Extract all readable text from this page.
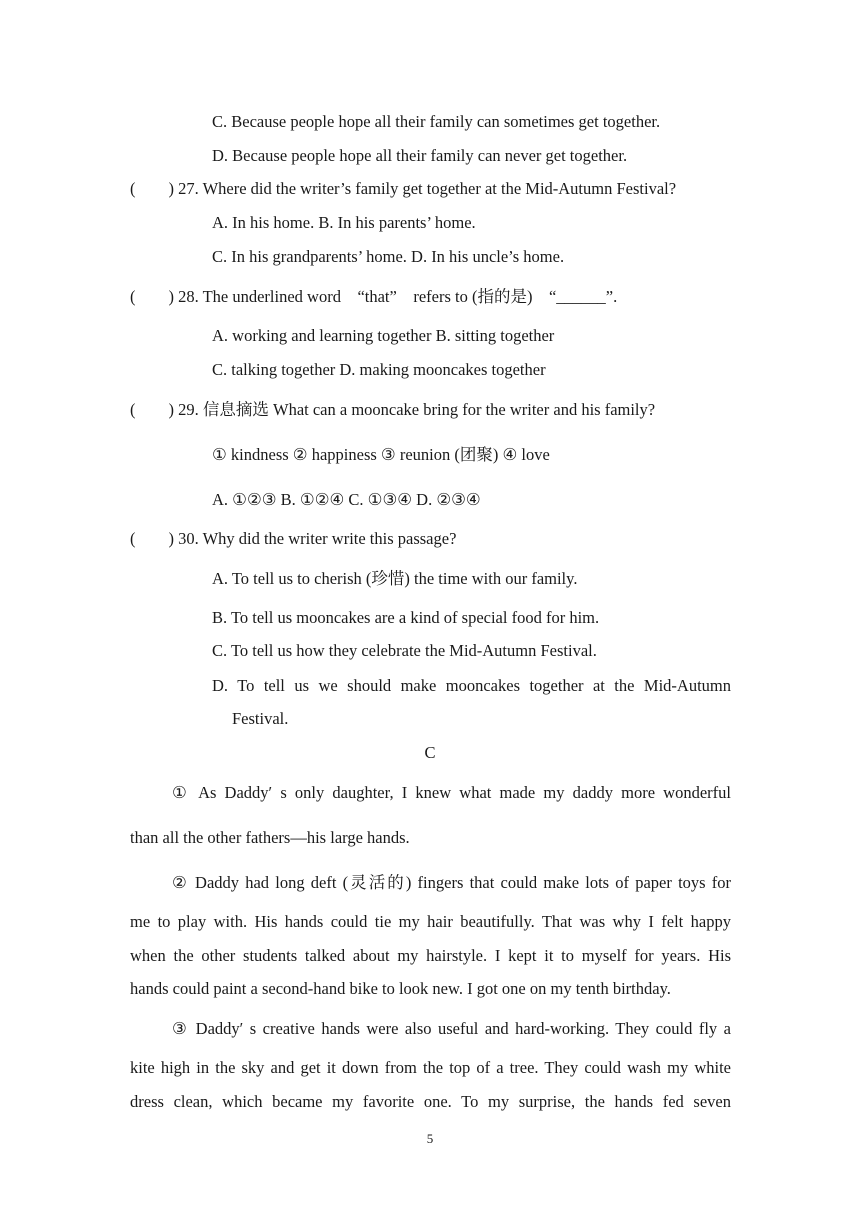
C. Because people hope all their family can sometimes get together.
D. Because people hope all their family can never get together.
(　　) 27. Where did the writer’s family get together at the Mid-Autumn Festival?
A. In his home. B. In his parents’ home.
C. In his grandparents’ home. D. In his uncle’s home.
(　　) 28. The underlined word　“that”　refers to (指的是)　“______”.
A. working and learning together B. sitting together
C. talking together D. making mooncakes together
(　　) 29. 信息摘选 What can a mooncake bring for the writer and his family?
① kindness ② happiness ③ reunion (团聚) ④ love
A. ①②③ B. ①②④ C. ①③④ D. ②③④
(　　) 30. Why did the writer write this passage?
A. To tell us to cherish (珍惜) the time with our family.
B. To tell us mooncakes are a kind of special food for him.
C. To tell us how they celebrate the Mid-Autumn Festival.
D. To tell us we should make mooncakes together at the Mid-Autumn
Festival.
C
① As Daddy′ s only daughter, I knew what made my daddy more wonderful
than all the other fathers—his large hands.
② Daddy had long deft (灵活的) fingers that could make lots of paper toys for
me to play with. His hands could tie my hair beautifully. That was why I felt happy
when the other students talked about my hairstyle. I kept it to myself for years. His
hands could paint a second-hand bike to look new. I got one on my tenth birthday.
③ Daddy′ s creative hands were also useful and hard-working. They could fly a
kite high in the sky and get it down from the top of a tree. They could wash my white
dress clean, which became my favorite one. To my surprise, the hands fed seven
5
